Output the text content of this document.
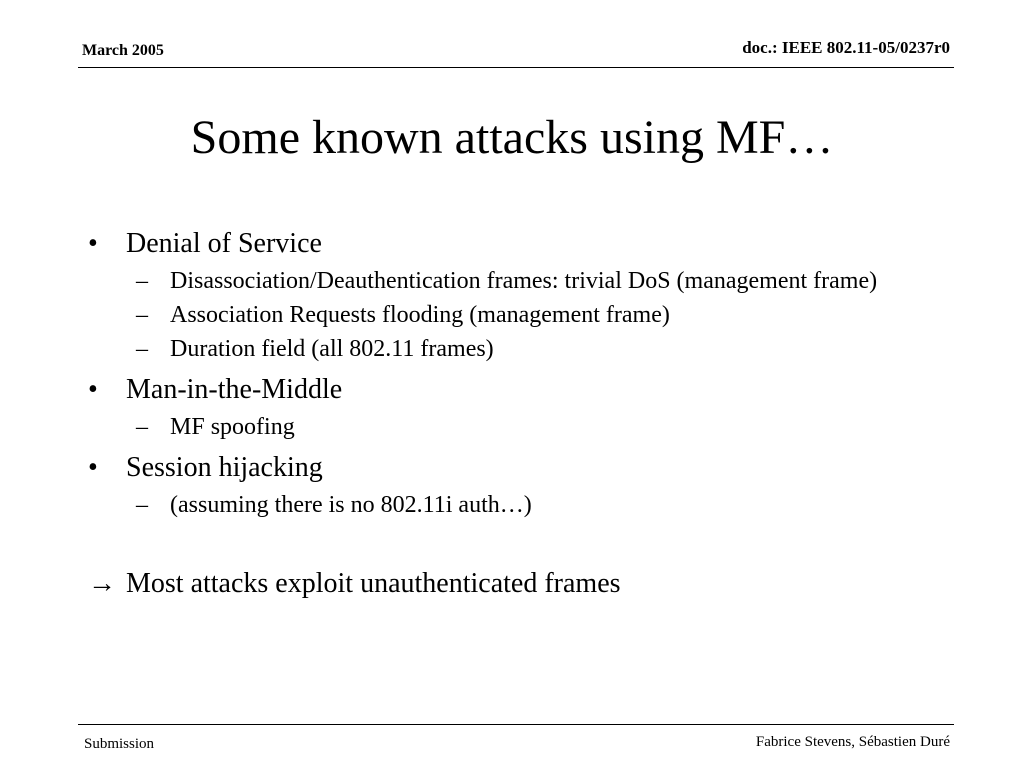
March 2005	doc.: IEEE 802.11-05/0237r0
Some known attacks using MF…
• Denial of Service
– Disassociation/Deauthentication frames: trivial DoS (management frame)
– Association Requests flooding (management frame)
– Duration field (all 802.11 frames)
• Man-in-the-Middle
– MF spoofing
• Session hijacking
– (assuming there is no 802.11i auth…)
→ Most attacks exploit unauthenticated frames
Submission	Fabrice Stevens, Sébastien Duré
